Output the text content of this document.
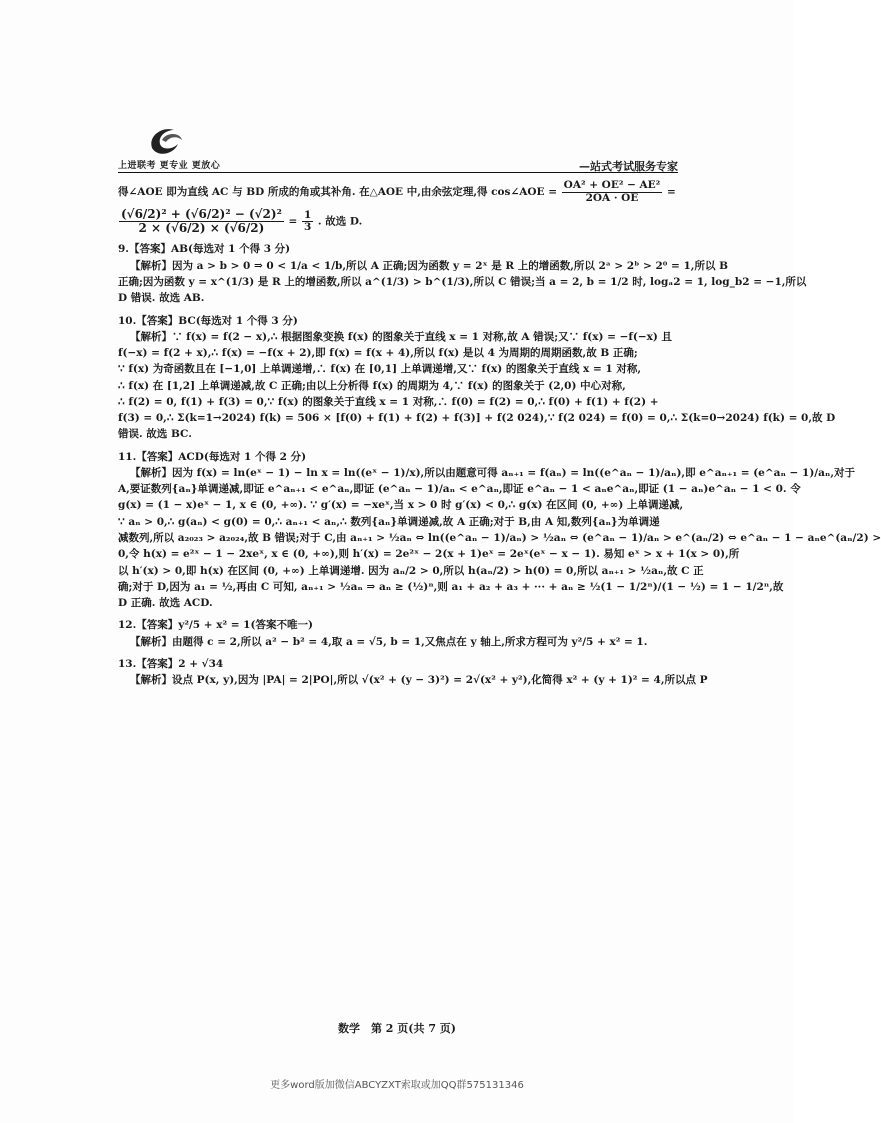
上进联考 更专业 更放心	—站式考试服务专家
得∠AOE 即为直线 AC 与 BD 所成的角或其补角. 在△AOE 中,由余弦定理,得 cos∠AOE = $\frac{\text{OA² + OE² − AE²}}{2OA \cdot OE}$ =
$\frac{\text{(√6/2)² + (√6/2)² − (√2)²}}{2 \times (√6/2) \times (√6/2)} = \frac{1}{3}$ . 故选 D.
9.【答案】AB(每选对 1 个得 3 分)
【解析】因为 a > b > 0 ⇒ 0 < 1/a < 1/b,所以 A 正确;因为函数 y = 2ˣ 是 R 上的增函数,所以 2ᵃ > 2ᵇ > 2⁰ = 1,所以 B
正确;因为函数 y = x^(1/3) 是 R 上的增函数,所以 a^(1/3) > b^(1/3),所以 C 错误;当 a = 2, b = 1/2 时, logₐ2 = 1, log_b2 = −1,所以
D 错误. 故选 AB.
10.【答案】BC(每选对 1 个得 3 分)
【解析】∵ f(x) = f(2 − x),∴ 根据图象变换 f(x) 的图象关于直线 x = 1 对称,故 A 错误;又∵ f(x) = −f(−x) 且
f(−x) = f(2 + x),∴ f(x) = −f(x + 2),即 f(x) = f(x + 4),所以 f(x) 是以 4 为周期的周期函数,故 B 正确;
∵ f(x) 为奇函数且在 [−1,0] 上单调递增,∴ f(x) 在 [0,1] 上单调递增,又∵ f(x) 的图象关于直线 x = 1 对称,
∴ f(x) 在 [1,2] 上单调递减,故 C 正确;由以上分析得 f(x) 的周期为 4,∵ f(x) 的图象关于 (2,0) 中心对称,
∴ f(2) = 0, f(1) + f(3) = 0,∵ f(x) 的图象关于直线 x = 1 对称,∴ f(0) = f(2) = 0,∴ f(0) + f(1) + f(2) +
f(3) = 0,∴ Σ(k=1→2024) f(k) = 506 × [f(0) + f(1) + f(2) + f(3)] + f(2 024),∵ f(2 024) = f(0) = 0,∴ Σ(k=0→2024) f(k) = 0,故 D
错误. 故选 BC.
11.【答案】ACD(每选对 1 个得 2 分)
【解析】因为 f(x) = ln(eˣ − 1) − ln x = ln((eˣ − 1)/x),所以由题意可得 aₙ₊₁ = f(aₙ) = ln((e^aₙ − 1)/aₙ),即 e^aₙ₊₁ = (e^aₙ − 1)/aₙ,对于
A,要证数列{aₙ}单调递减,即证 e^aₙ₊₁ < e^aₙ,即证 (e^aₙ − 1)/aₙ < e^aₙ,即证 e^aₙ − 1 < aₙe^aₙ,即证 (1 − aₙ)e^aₙ − 1 < 0. 令
g(x) = (1 − x)eˣ − 1, x ∈ (0, +∞). ∵ g′(x) = −xeˣ,当 x > 0 时 g′(x) < 0,∴ g(x) 在区间 (0, +∞) 上单调递减,
∵ aₙ > 0,∴ g(aₙ) < g(0) = 0,∴ aₙ₊₁ < aₙ,∴ 数列{aₙ}单调递减,故 A 正确;对于 B,由 A 知,数列{aₙ}为单调递
减数列,所以 a₂₀₂₃ > a₂₀₂₄,故 B 错误;对于 C,由 aₙ₊₁ > ½aₙ ⇔ ln((e^aₙ − 1)/aₙ) > ½aₙ ⇔ (e^aₙ − 1)/aₙ > e^(aₙ/2) ⇔ e^aₙ − 1 − aₙe^(aₙ/2) >
0,令 h(x) = e²ˣ − 1 − 2xeˣ, x ∈ (0, +∞),则 h′(x) = 2e²ˣ − 2(x + 1)eˣ = 2eˣ(eˣ − x − 1). 易知 eˣ > x + 1(x > 0),所
以 h′(x) > 0,即 h(x) 在区间 (0, +∞) 上单调递增. 因为 aₙ/2 > 0,所以 h(aₙ/2) > h(0) = 0,所以 aₙ₊₁ > ½aₙ,故 C 正
确;对于 D,因为 a₁ = ½,再由 C 可知, aₙ₊₁ > ½aₙ ⇒ aₙ ≥ (½)ⁿ,则 a₁ + a₂ + a₃ + ··· + aₙ ≥ ½(1 − 1/2ⁿ)/(1 − ½) = 1 − 1/2ⁿ,故
D 正确. 故选 ACD.
12.【答案】y²/5 + x² = 1(答案不唯一)
【解析】由题得 c = 2,所以 a² − b² = 4,取 a = √5, b = 1,又焦点在 y 轴上,所求方程可为 y²/5 + x² = 1.
13.【答案】2 + √34
【解析】设点 P(x, y),因为 |PA| = 2|PO|,所以 √(x² + (y − 3)²) = 2√(x² + y²),化简得 x² + (y + 1)² = 4,所以点 P
数学　第 2 页(共 7 页)
更多word版加微信ABCYZXT索取或加QQ群575131346
